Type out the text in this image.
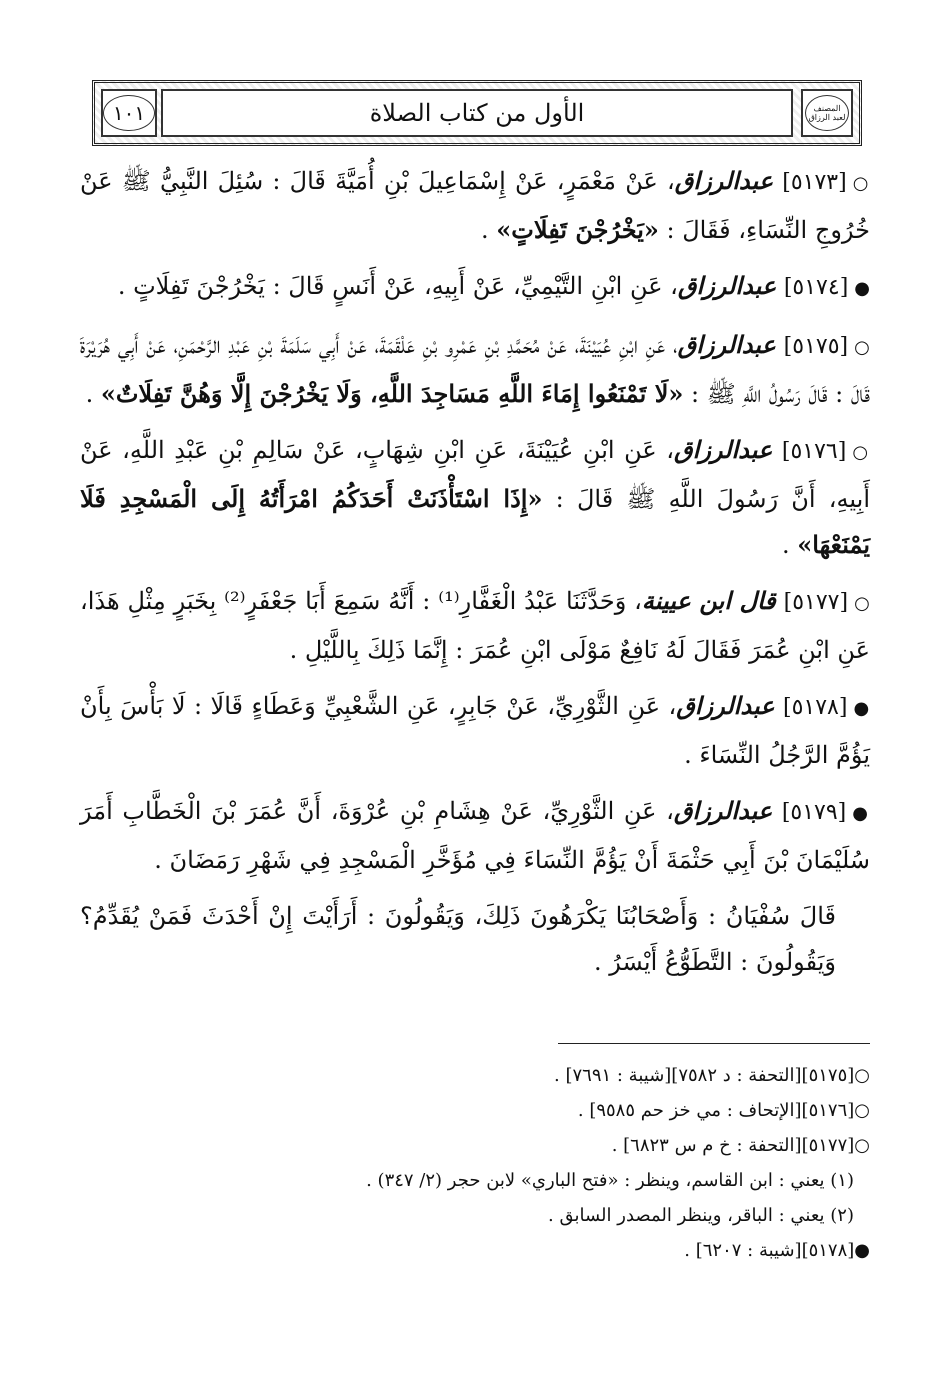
المصنف لعبد الرزاق
الأول من كتاب الصلاة
١٠١

○[٥١٧٣] عبدالرزاق، عَنْ مَعْمَرٍ، عَنْ إِسْمَاعِيلَ بْنِ أُمَيَّةَ قَالَ : سُئِلَ النَّبِيُّ ﷺ عَنْ خُرُوجِ النِّسَاءِ، فَقَالَ : «يَخْرُجْنَ تَفِلَاتٍ» .

●[٥١٧٤] عبدالرزاق، عَنِ ابْنِ التَّيْمِيِّ، عَنْ أَبِيهِ، عَنْ أَنَسٍ قَالَ : يَخْرُجْنَ تَفِلَاتٍ .

○[٥١٧٥] عبدالرزاق، عَنِ ابْنِ عُيَيْنَةَ، عَنْ مُحَمَّدِ بْنِ عَمْرِو بْنِ عَلْقَمَةَ، عَنْ أَبِي سَلَمَةَ بْنِ عَبْدِ الرَّحْمَنِ، عَنْ أَبِي هُرَيْرَةَ قَالَ : قَالَ رَسُولُ اللَّهِ ﷺ : «لَا تَمْنَعُوا إِمَاءَ اللَّهِ مَسَاجِدَ اللَّهِ، وَلَا يَخْرُجْنَ إِلَّا وَهُنَّ تَفِلَاتٌ» .

○[٥١٧٦] عبدالرزاق، عَنِ ابْنِ عُيَيْنَةَ، عَنِ ابْنِ شِهَابٍ، عَنْ سَالِمِ بْنِ عَبْدِ اللَّهِ، عَنْ أَبِيهِ، أَنَّ رَسُولَ اللَّهِ ﷺ قَالَ : «إِذَا اسْتَأْذَنَتْ أَحَدَكُمُ امْرَأَتُهُ إِلَى الْمَسْجِدِ فَلَا يَمْنَعْهَا» .

○[٥١٧٧] قال ابن عيينة، وَحَدَّثَنَا عَبْدُ الْغَفَّارِ⁽¹⁾ : أَنَّهُ سَمِعَ أَبَا جَعْفَرٍ⁽²⁾ بِخَبَرٍ مِثْلِ هَذَا، عَنِ ابْنِ عُمَرَ فَقَالَ لَهُ نَافِعٌ مَوْلَى ابْنِ عُمَرَ : إِنَّمَا ذَلِكَ بِاللَّيْلِ .

●[٥١٧٨] عبدالرزاق، عَنِ الثَّوْرِيِّ، عَنْ جَابِرٍ، عَنِ الشَّعْبِيِّ وَعَطَاءٍ قَالَا : لَا بَأْسَ بِأَنْ يَؤُمَّ الرَّجُلُ النِّسَاءَ .

●[٥١٧٩] عبدالرزاق، عَنِ الثَّوْرِيِّ، عَنْ هِشَامِ بْنِ عُرْوَةَ، أَنَّ عُمَرَ بْنَ الْخَطَّابِ أَمَرَ سُلَيْمَانَ بْنَ أَبِي حَثْمَةَ أَنْ يَؤُمَّ النِّسَاءَ فِي مُؤَخَّرِ الْمَسْجِدِ فِي شَهْرِ رَمَضَانَ .

قَالَ سُفْيَانُ : وَأَصْحَابُنَا يَكْرَهُونَ ذَلِكَ، وَيَقُولُونَ : أَرَأَيْتَ إِنْ أَحْدَثَ فَمَنْ يُقَدِّمُ؟ وَيَقُولُونَ : التَّطَوُّعُ أَيْسَرُ .

○[٥١٧٥][التحفة : د ٧٥٨٢][شيبة : ٧٦٩١] .

○[٥١٧٦][الإتحاف : مي خز حم ٩٥٨٥] .

○[٥١٧٧][التحفة : خ م س ٦٨٢٣] .

(١) يعني : ابن القاسم، وينظر : «فتح الباري» لابن حجر (٢/ ٣٤٧) .

(٢) يعني : الباقر، وينظر المصدر السابق .

●[٥١٧٨][شيبة : ٦٢٠٧] .
